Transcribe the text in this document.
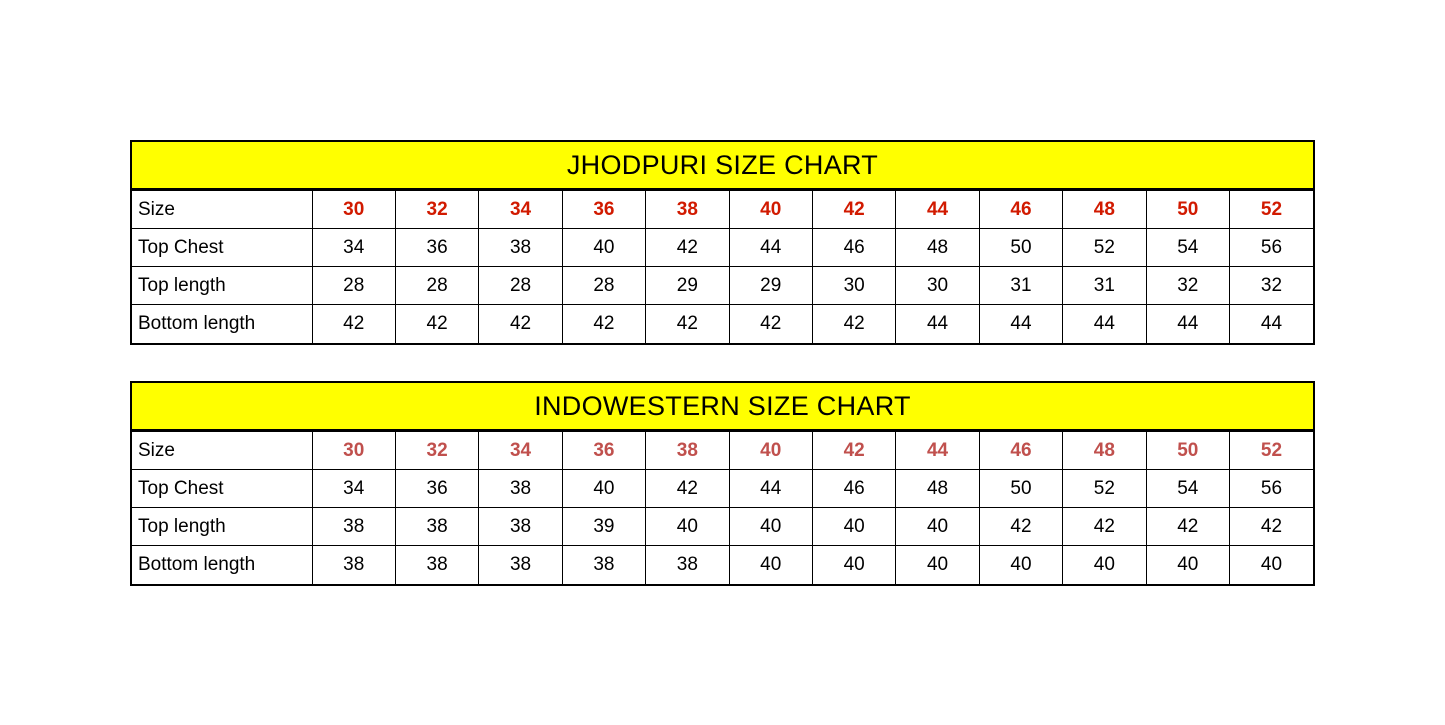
JHODPURI SIZE CHART
Size	30	32	34	36	38	40	42	44	46	48	50	52
Top Chest	34	36	38	40	42	44	46	48	50	52	54	56
Top length	28	28	28	28	29	29	30	30	31	31	32	32
Bottom length	42	42	42	42	42	42	42	44	44	44	44	44
INDOWESTERN SIZE CHART
Size	30	32	34	36	38	40	42	44	46	48	50	52
Top Chest	34	36	38	40	42	44	46	48	50	52	54	56
Top length	38	38	38	39	40	40	40	40	42	42	42	42
Bottom length	38	38	38	38	38	40	40	40	40	40	40	40
